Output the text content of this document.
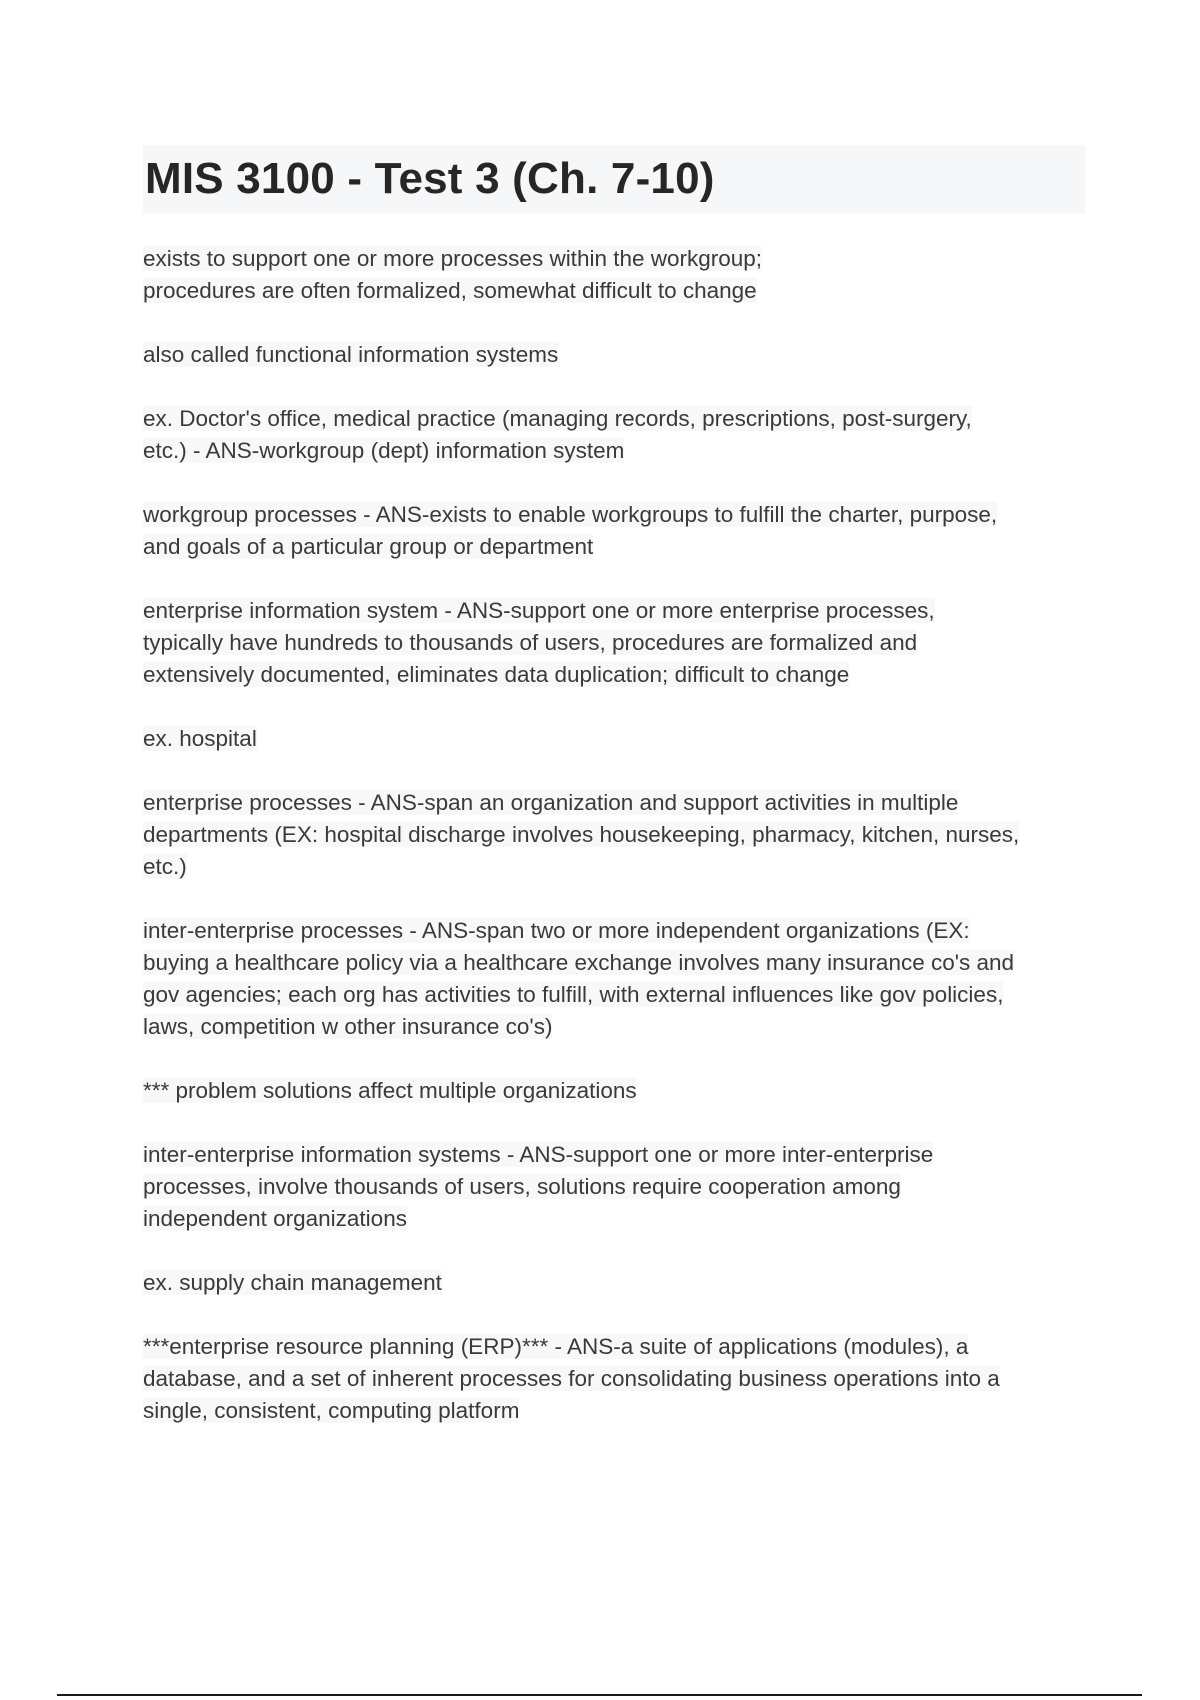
MIS 3100 - Test 3 (Ch. 7-10)

exists to support one or more processes within the workgroup;
procedures are often formalized, somewhat difficult to change

also called functional information systems

ex. Doctor's office, medical practice (managing records, prescriptions, post-surgery,
etc.) - ANS-workgroup (dept) information system

workgroup processes - ANS-exists to enable workgroups to fulfill the charter, purpose,
and goals of a particular group or department

enterprise information system - ANS-support one or more enterprise processes,
typically have hundreds to thousands of users, procedures are formalized and
extensively documented, eliminates data duplication; difficult to change

ex. hospital

enterprise processes - ANS-span an organization and support activities in multiple
departments (EX: hospital discharge involves housekeeping, pharmacy, kitchen, nurses,
etc.)

inter-enterprise processes - ANS-span two or more independent organizations (EX:
buying a healthcare policy via a healthcare exchange involves many insurance co's and
gov agencies; each org has activities to fulfill, with external influences like gov policies,
laws, competition w other insurance co's)

*** problem solutions affect multiple organizations

inter-enterprise information systems - ANS-support one or more inter-enterprise
processes, involve thousands of users, solutions require cooperation among
independent organizations

ex. supply chain management

***enterprise resource planning (ERP)*** - ANS-a suite of applications (modules), a
database, and a set of inherent processes for consolidating business operations into a
single, consistent, computing platform
